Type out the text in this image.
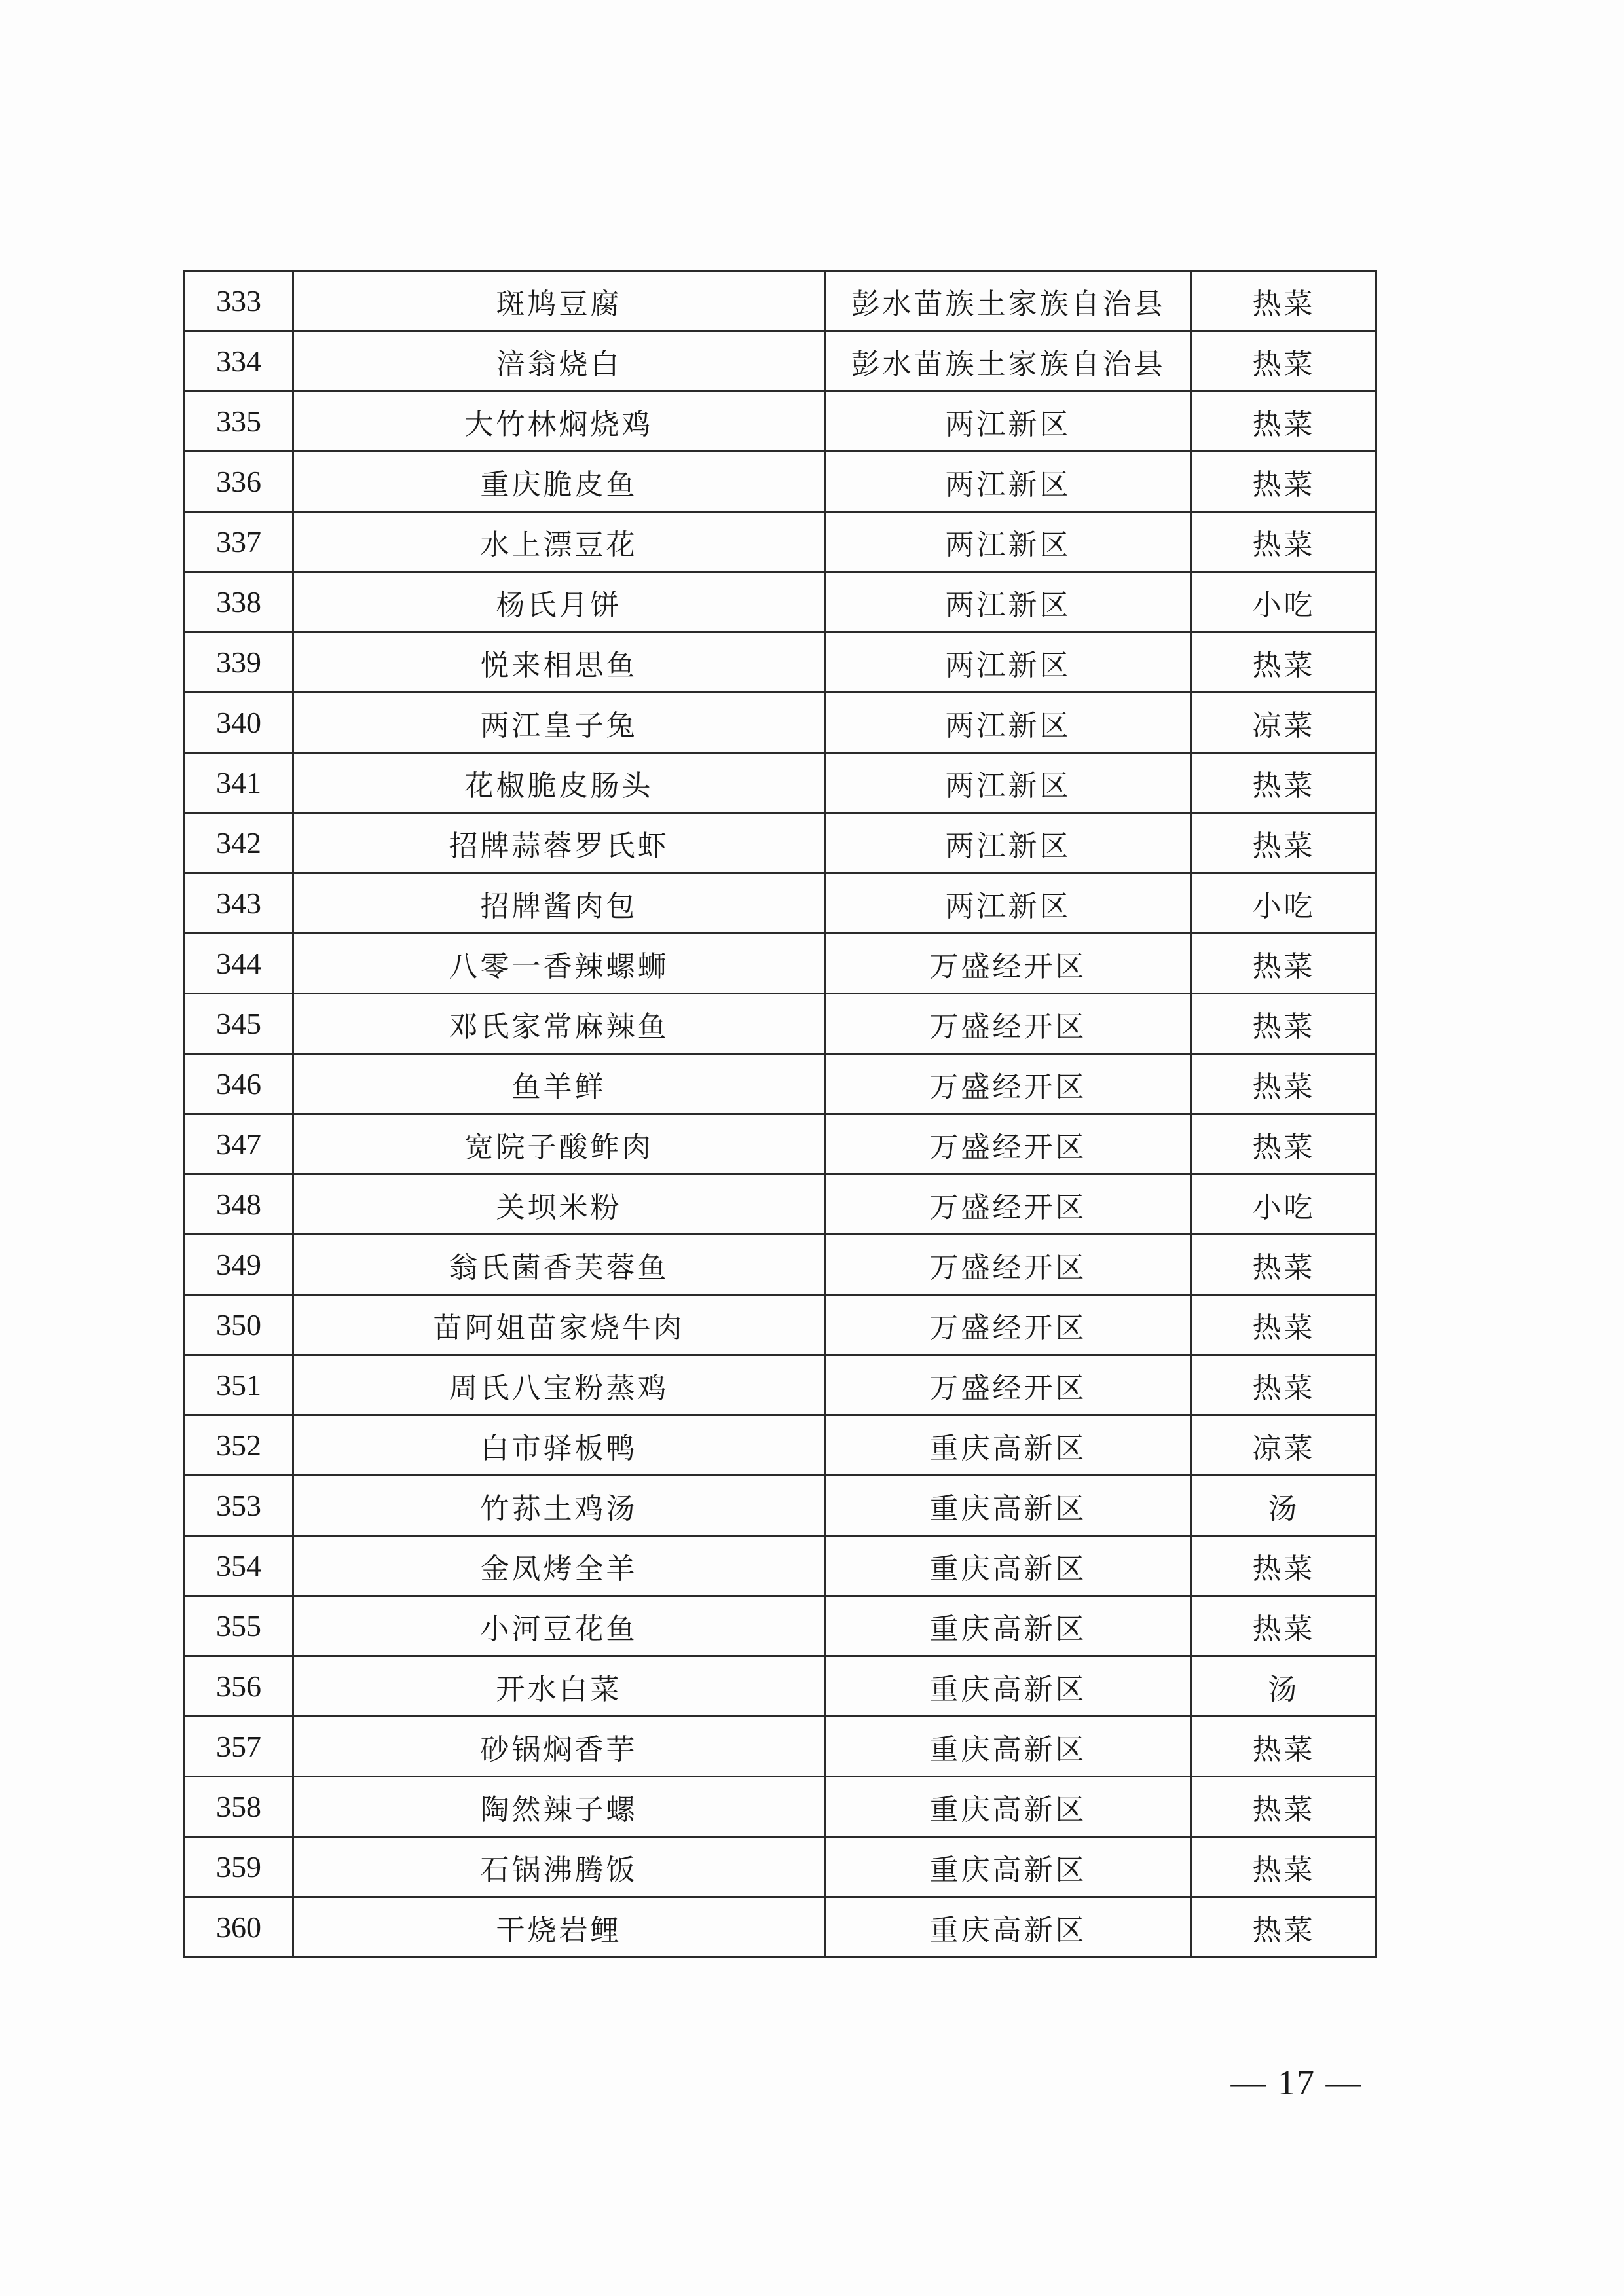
333	斑鸠豆腐	彭水苗族土家族自治县	热菜
334	涪翁烧白	彭水苗族土家族自治县	热菜
335	大竹林焖烧鸡	两江新区	热菜
336	重庆脆皮鱼	两江新区	热菜
337	水上漂豆花	两江新区	热菜
338	杨氏月饼	两江新区	小吃
339	悦来相思鱼	两江新区	热菜
340	两江皇子兔	两江新区	凉菜
341	花椒脆皮肠头	两江新区	热菜
342	招牌蒜蓉罗氏虾	两江新区	热菜
343	招牌酱肉包	两江新区	小吃
344	八零一香辣螺蛳	万盛经开区	热菜
345	邓氏家常麻辣鱼	万盛经开区	热菜
346	鱼羊鲜	万盛经开区	热菜
347	宽院子酸鲊肉	万盛经开区	热菜
348	关坝米粉	万盛经开区	小吃
349	翁氏菌香芙蓉鱼	万盛经开区	热菜
350	苗阿姐苗家烧牛肉	万盛经开区	热菜
351	周氏八宝粉蒸鸡	万盛经开区	热菜
352	白市驿板鸭	重庆高新区	凉菜
353	竹荪土鸡汤	重庆高新区	汤
354	金凤烤全羊	重庆高新区	热菜
355	小河豆花鱼	重庆高新区	热菜
356	开水白菜	重庆高新区	汤
357	砂锅焖香芋	重庆高新区	热菜
358	陶然辣子螺	重庆高新区	热菜
359	石锅沸腾饭	重庆高新区	热菜
360	干烧岩鲤	重庆高新区	热菜
— 17 —
